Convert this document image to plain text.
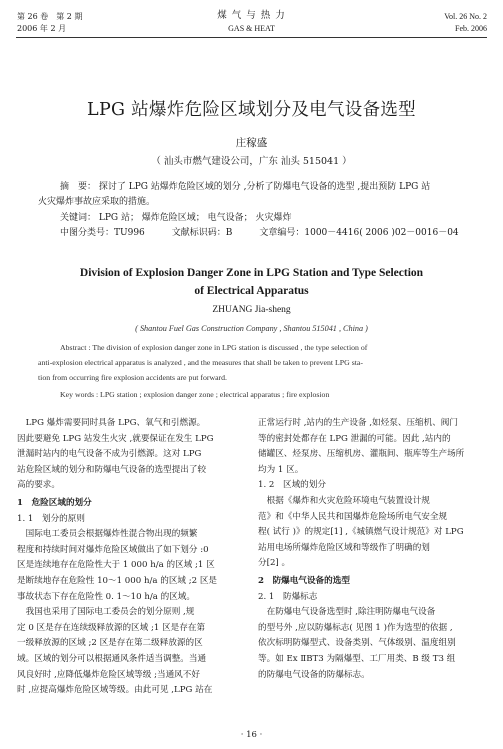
第 26 卷　第 2 期
2006 年 2 月
煤 气 与 热 力
GAS & HEAT
Vol. 26 No. 2
Feb. 2006
LPG 站爆炸危险区域划分及电气设备选型
庄稼盛
（ 汕头市燃气建设公司，广东 汕头 515041 ）
摘　要： 探讨了 LPG 站爆炸危险区域的划分 ,分析了防爆电气设备的选型 ,提出预防 LPG 站
火灾爆炸事故应采取的措施。
关键词： LPG 站； 爆炸危险区域； 电气设备； 火灾爆炸
中图分类号：TU996　　　文献标识码：B　　　文章编号：1000－4416( 2006 )02－0016－04
Division of Explosion Danger Zone in LPG Station and Type Selection
of Electrical Apparatus
ZHUANG Jia-sheng
( Shantou Fuel Gas Construction Company , Shantou 515041 , China )
Abstract : The division of explosion danger zone in LPG station is discussed , the type selection of
anti-explosion electrical apparatus is analyzed , and the measures that shall be taken to prevent LPG sta-
tion from occurring fire explosion accidents are put forward.
Key words : LPG station ; explosion danger zone ; electrical apparatus ; fire explosion

　LPG 爆炸需要同时具备 LPG、氧气和引燃源。

因此要避免 LPG 站发生火灾 ,就要保证在发生 LPG

泄漏时站内的电气设备不成为引燃源。这对 LPG

站危险区域的划分和防爆电气设备的选型提出了较

高的要求。

1　危险区域的划分

1. 1　划分的原则

　国际电工委员会根据爆炸性混合物出现的频繁

程度和持续时间对爆炸危险区域做出了如下划分 :0

区是连续地存在危险性大于 1 000 h/a 的区域 ;1 区

是断续地存在危险性 10～1 000 h/a 的区域 ;2 区是

事故状态下存在危险性 0. 1～10 h/a 的区域。

　我国也采用了国际电工委员会的划分原则 ,规

定 0 区是存在连续级释放源的区域 ;1 区是存在第

一级释放源的区域 ;2 区是存在第二级释放源的区

域。区域的划分可以根据通风条件适当调整。当通

风良好时 ,应降低爆炸危险区域等级 ;当通风不好

时 ,应提高爆炸危险区域等级。由此可见 ,LPG 站在

正常运行时 ,站内的生产设备 ,如烃泵、压缩机、阀门

等的密封处都存在 LPG 泄漏的可能。因此 ,站内的

储罐区、烃泵房、压缩机房、灌瓶间、瓶库等生产场所

均为 1 区。

1. 2　区域的划分

　根据《爆炸和火灾危险环境电气装置设计规

范》和《中华人民共和国爆炸危险场所电气安全规

程( 试行 )》的规定[1] ,《城镇燃气设计规范》对 LPG

站用电场所爆炸危险区域和等级作了明确的划

分[2] 。

2　防爆电气设备的选型

2. 1　防爆标志

　在防爆电气设备选型时 ,除注明防爆电气设备

的型号外 ,应以防爆标志( 见图 1 )作为选型的依据 ,

依次标明防爆型式、设备类别、气体级别、温度组别

等。如 Ex ⅡBT3 为隔爆型、工厂用类、B 级 T3 组

的防爆电气设备的防爆标志。

· 16 ·
